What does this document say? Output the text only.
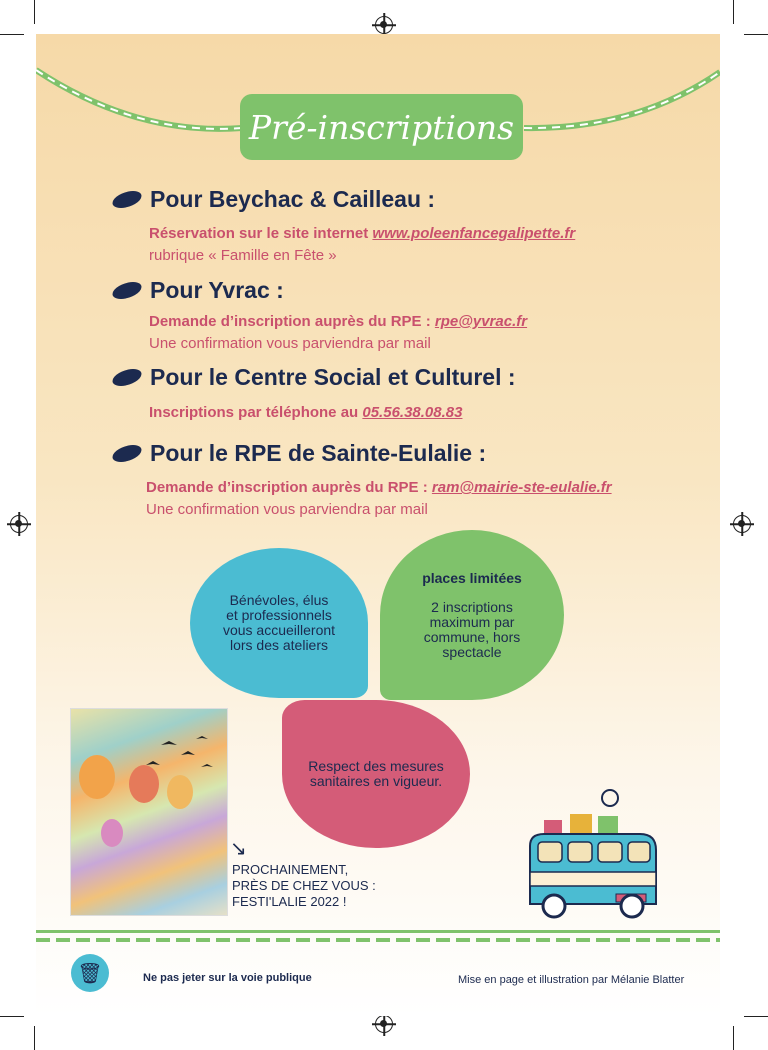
Pré-inscriptions
Pour Beychac & Cailleau :
Réservation sur le site internet www.poleenfancegalipette.fr
rubrique « Famille en Fête »
Pour Yvrac :
Demande d’inscription auprès du RPE : rpe@yvrac.fr
Une confirmation vous parviendra par mail
Pour le Centre Social et Culturel :
Inscriptions par téléphone au 05.56.38.08.83
Pour le RPE de Sainte-Eulalie :
Demande d’inscription auprès du RPE : ram@mairie-ste-eulalie.fr
Une confirmation vous parviendra par mail
Bénévoles, élus
et professionnels
vous accueilleront
lors des ateliers
places limitées
2 inscriptions
maximum par
commune, hors
spectacle
Respect des mesures
sanitaires en vigueur.
↘
PROCHAINEMENT,
PRÈS DE CHEZ VOUS :
FESTI'LALIE 2022 !
🗑	Ne pas jeter sur la voie publique	Mise en page et illustration par Mélanie Blatter
